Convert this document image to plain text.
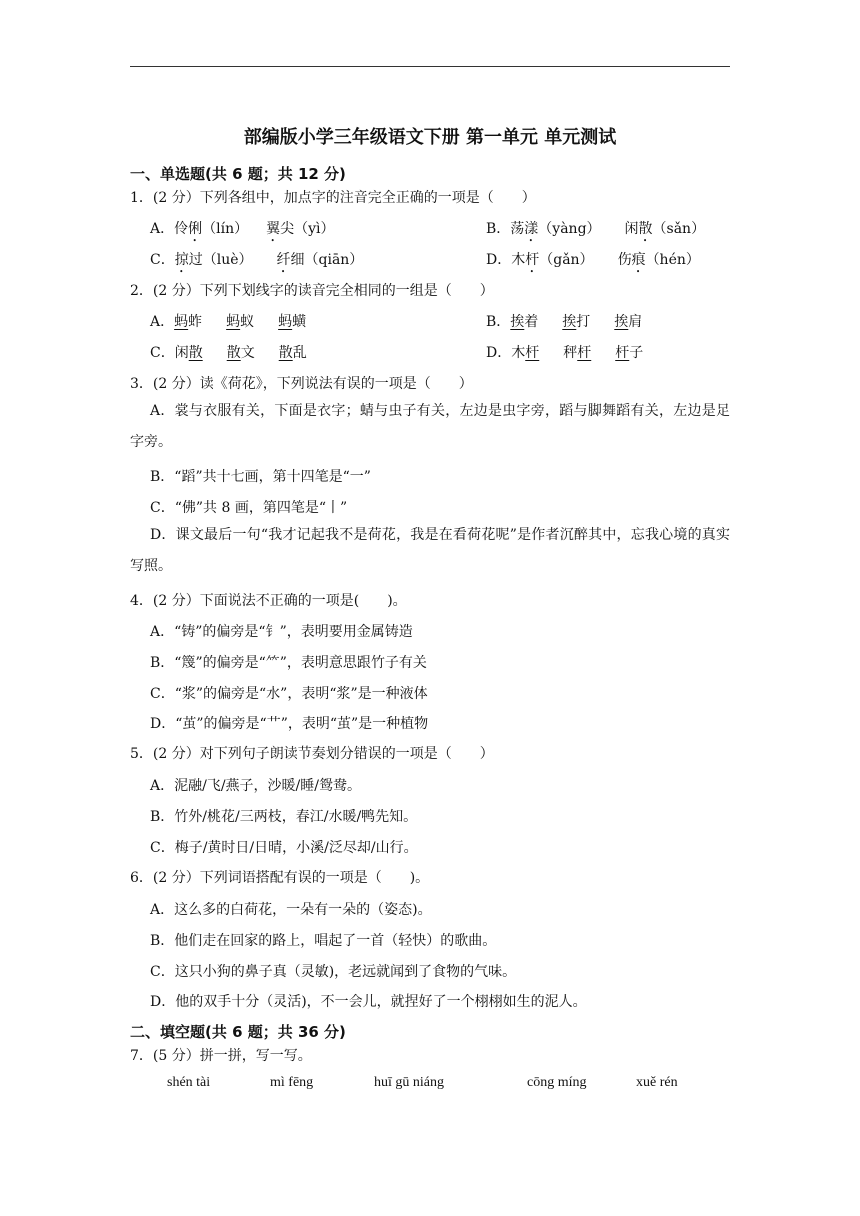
部编版小学三年级语文下册 第一单元 单元测试
一、单选题(共 6 题；共 12 分)
1．(2 分）下列各组中，加点字的注音完全正确的一项是（　　）
A．伶俐（lín） 翼尖（yì）	B．荡漾（yàng） 闲散（sǎn）
C．掠过（luè） 纤细（qiān）	D．木杆（gǎn） 伤痕（hén）
2．(2 分）下列下划线字的读音完全相同的一组是（　　）
A．蚂蚱 蚂蚁 蚂蟥	B．挨着 挨打 挨肩
C．闲散 散文 散乱	D．木杆 秤杆 杆子
3．(2 分）读《荷花》，下列说法有误的一项是（　　）
A．裳与衣服有关，下面是衣字；蜻与虫子有关，左边是虫字旁，蹈与脚舞蹈有关，左边是足字旁。
B．“蹈”共十七画，第十四笔是“一”
C．“佛”共 8 画，第四笔是“丨”
D．课文最后一句“我才记起我不是荷花，我是在看荷花呢”是作者沉醉其中，忘我心境的真实写照。
4．(2 分）下面说法不正确的一项是(　　)。
A．“铸”的偏旁是“钅”，表明要用金属铸造
B．“篾”的偏旁是“⺮”，表明意思跟竹子有关
C．“浆”的偏旁是“水”，表明“浆”是一种液体
D．“茧”的偏旁是“艹”，表明“茧”是一种植物
5．(2 分）对下列句子朗读节奏划分错误的一项是（　　）
A．泥融/飞/燕子，沙暖/睡/鸳鸯。
B．竹外/桃花/三两枝，春江/水暖/鸭先知。
C．梅子/黄时日/日晴，小溪/泛尽却/山行。
6．(2 分）下列词语搭配有误的一项是（　　)。
A．这么多的白荷花，一朵有一朵的（姿态)。
B．他们走在回家的路上，唱起了一首（轻快）的歌曲。
C．这只小狗的鼻子真（灵敏)，老远就闻到了食物的气味。
D．他的双手十分（灵活)，不一会儿，就捏好了一个栩栩如生的泥人。
二、填空题(共 6 题；共 36 分)
7．(5 分）拼一拼，写一写。
shén tài	mì fēng	huī gū niáng	cōng míng	xuě rén
